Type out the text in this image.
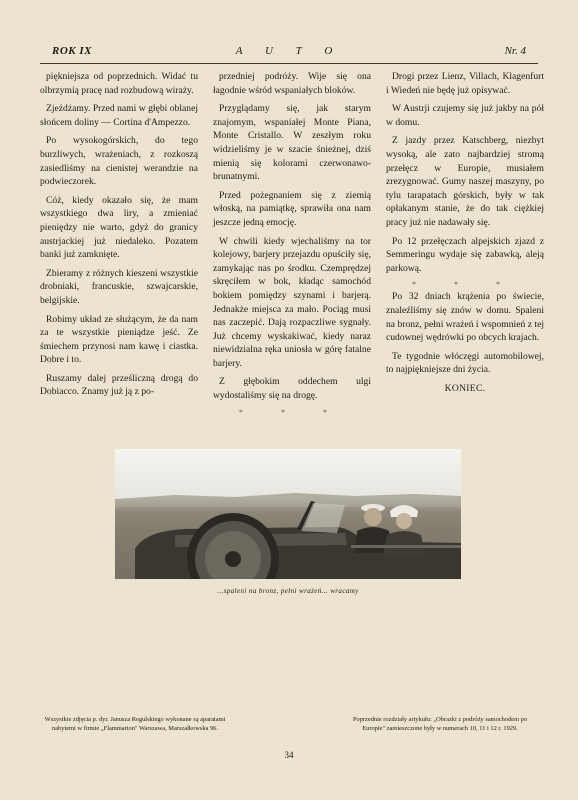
ROK IX	A U T O	Nr. 4

piękniejsza od poprzednich. Widać tu olbrzymią pracę nad rozbudową wiraży.

Zjeżdżamy. Przed nami w głębi oblanej słońcem doliny — Cortina d'Ampezzo.

Po wysokogórskich, do tego burzliwych, wrażeniach, z rozkoszą zasiedliśmy na cienistej werandzie na podwieczorek.

Cóż, kiedy okazało się, że mam wszystkiego dwa liry, a zmieniać pieniędzy nie warto, gdyż do granicy austrjackiej już niedaleko. Pozatem banki już zamknięte.

Zbieramy z różnych kieszeni wszystkie drobniaki, francuskie, szwajcarskie, belgijskie.

Robimy układ ze służącym, że da nam za te wszystkie pieniądze jeść. Ze śmiechem przynosi nam kawę i ciastka. Dobre i to.

Ruszamy dalej prześliczną drogą do Dobiacco. Znamy już ją z po-

przedniej podróży. Wije się ona łagodnie wśród wspaniałych bloków.

Przyglądamy się, jak starym znajomym, wspaniałej Monte Piana, Monte Cristallo. W zeszłym roku widzieliśmy je w szacie śnieżnej, dziś mienią się kolorami czerwonawo-brunatnymi.

Przed pożegnaniem się z ziemią włoską, na pamiątkę, sprawiła ona nam jeszcze jedną emocję.

W chwili kiedy wjechaliśmy na tor kolejowy, barjery przejazdu opuściły się, zamykając nas po środku. Czemprędzej skręciłem w bok, kładąc samochód bokiem pomiędzy szynami i barjerą. Jednakże miejsca za mało. Pociąg musi nas zaczepić. Dają rozpaczliwe sygnały. Już chcemy wyskakiwać, kiedy naraz niewidzialna ręka uniosła w górę fatalne barjery.

Z głębokim oddechem ulgi wydostaliśmy się na drogę.

* * *

Drogi przez Lienz, Villach, Klagenfurt i Wiedeń nie będę już opisywać.

W Austrji czujemy się już jakby na pół w domu.

Z jazdy przez Katschberg, niezbyt wysoką, ale zato najbardziej stromą przełęcz w Europie, musiałem zrezygnować. Gumy naszej maszyny, po tylu tarapatach górskich, były w tak opłakanym stanie, że do tak ciężkiej pracy już nie nadawały się.

Po 12 przełęczach alpejskich zjazd z Semmeringu wydaje się zabawką, aleją parkową.

* * *

Po 32 dniach krążenia po świecie, znaleźliśmy się znów w domu. Spaleni na bronz, pełni wrażeń i wspomnień z tej cudownej wędrówki po obcych krajach.

Te tygodnie włóczęgi automobilowej, to najpiękniejsze dni życia.

KONIEC.

...spaleni na bronz, pełni wrażeń... wracamy
Wszystkie zdjęcia p. dyr. Janusza Regulskiego wykonane są aparatami nabytemi w firmie „Flammarion" Warszawa, Marszałkowska 96.
Poprzednie rozdziały artykułu: „Obrazki z podróży samochodem po Europie" zamieszczone były w numerach 10, 11 i 12 r. 1929.
34
